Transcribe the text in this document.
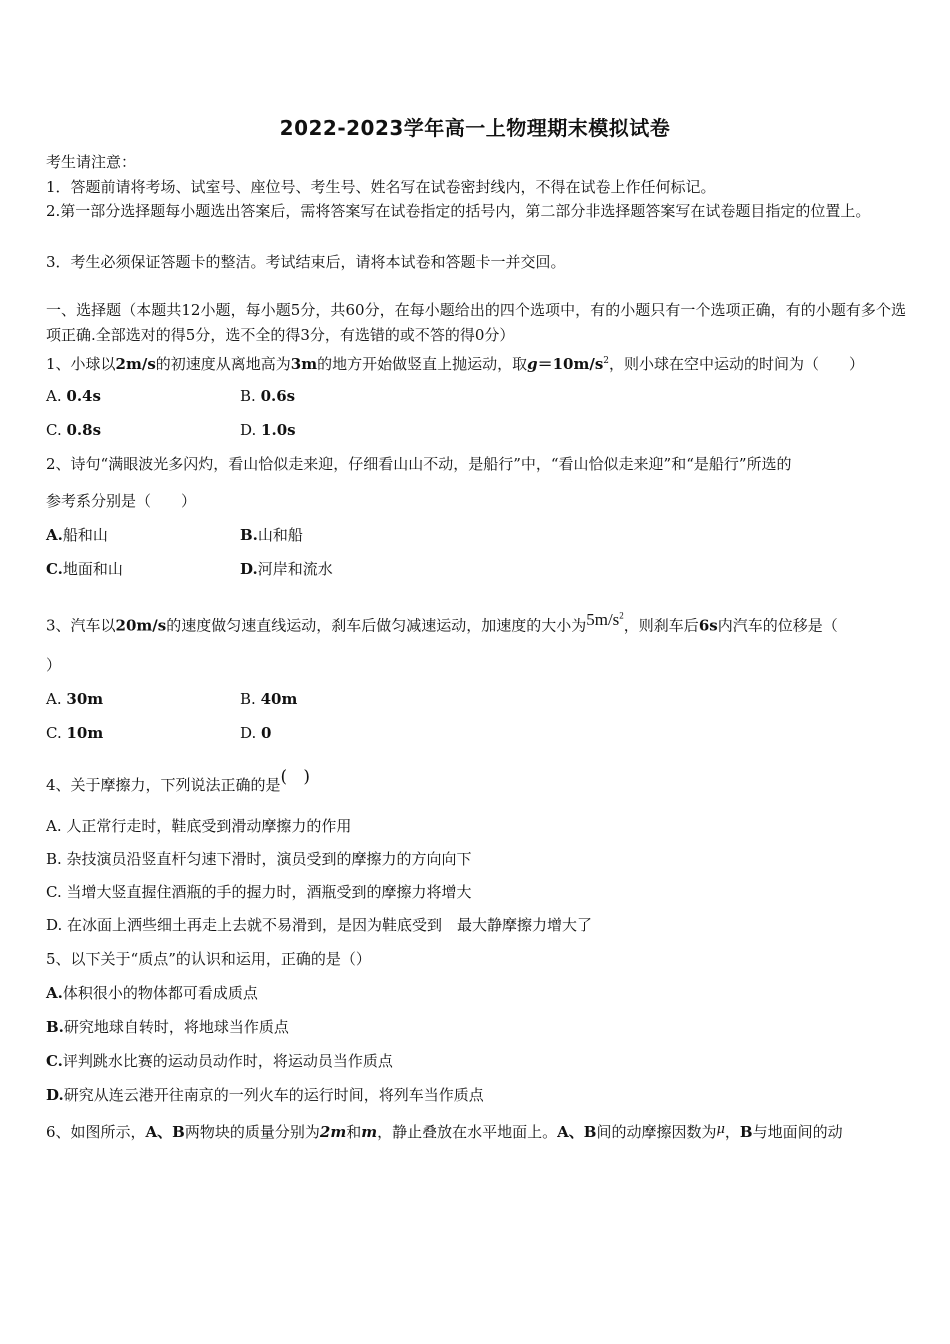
2022-2023学年高一上物理期末模拟试卷
考生请注意：
1．答题前请将考场、试室号、座位号、考生号、姓名写在试卷密封线内，不得在试卷上作任何标记。
2.第一部分选择题每小题选出答案后，需将答案写在试卷指定的括号内，第二部分非选择题答案写在试卷题目指定的位置上。
3．考生必须保证答题卡的整洁。考试结束后，请将本试卷和答题卡一并交回。
一、选择题（本题共12小题，每小题5分，共60分，在每小题给出的四个选项中，有的小题只有一个选项正确，有的小题有多个选项正确.全部选对的得5分，选不全的得3分，有选错的或不答的得0分）
1、小球以2m/s的初速度从离地高为3m的地方开始做竖直上抛运动，取$g=10m/s^2$，则小球在空中运动的时间为（　　）
A. 0.4s	B. 0.6s
C. 0.8s	D. 1.0s
2、诗句“满眼波光多闪灼，看山恰似走来迎，仔细看山山不动，是船行”中，“看山恰似走来迎”和“是船行”所选的
参考系分别是（　　）
A.船和山	B.山和船
C.地面和山	D.河岸和流水
3、汽车以20m/s的速度做匀速直线运动，刹车后做匀减速运动，加速度的大小为$5m/s^2$，则刹车后6s内汽车的位移是（
）
A. 30m	B. 40m
C. 10m	D. 0
4、关于摩擦力，下列说法正确的是(   )
A. 人正常行走时，鞋底受到滑动摩擦力的作用
B. 杂技演员沿竖直杆匀速下滑时，演员受到的摩擦力的方向向下
C. 当增大竖直握住酒瓶的手的握力时，酒瓶受到的摩擦力将增大
D. 在冰面上洒些细土再走上去就不易滑到，是因为鞋底受到　最大静摩擦力增大了
5、以下关于“质点”的认识和运用，正确的是（）
A.体积很小的物体都可看成质点
B.研究地球自转时，将地球当作质点
C.评判跳水比赛的运动员动作时，将运动员当作质点
D.研究从连云港开往南京的一列火车的运行时间，将列车当作质点
6、如图所示，A、B两物块的质量分别为2m和m，静止叠放在水平地面上。A、B间的动摩擦因数为μ，B与地面间的动
